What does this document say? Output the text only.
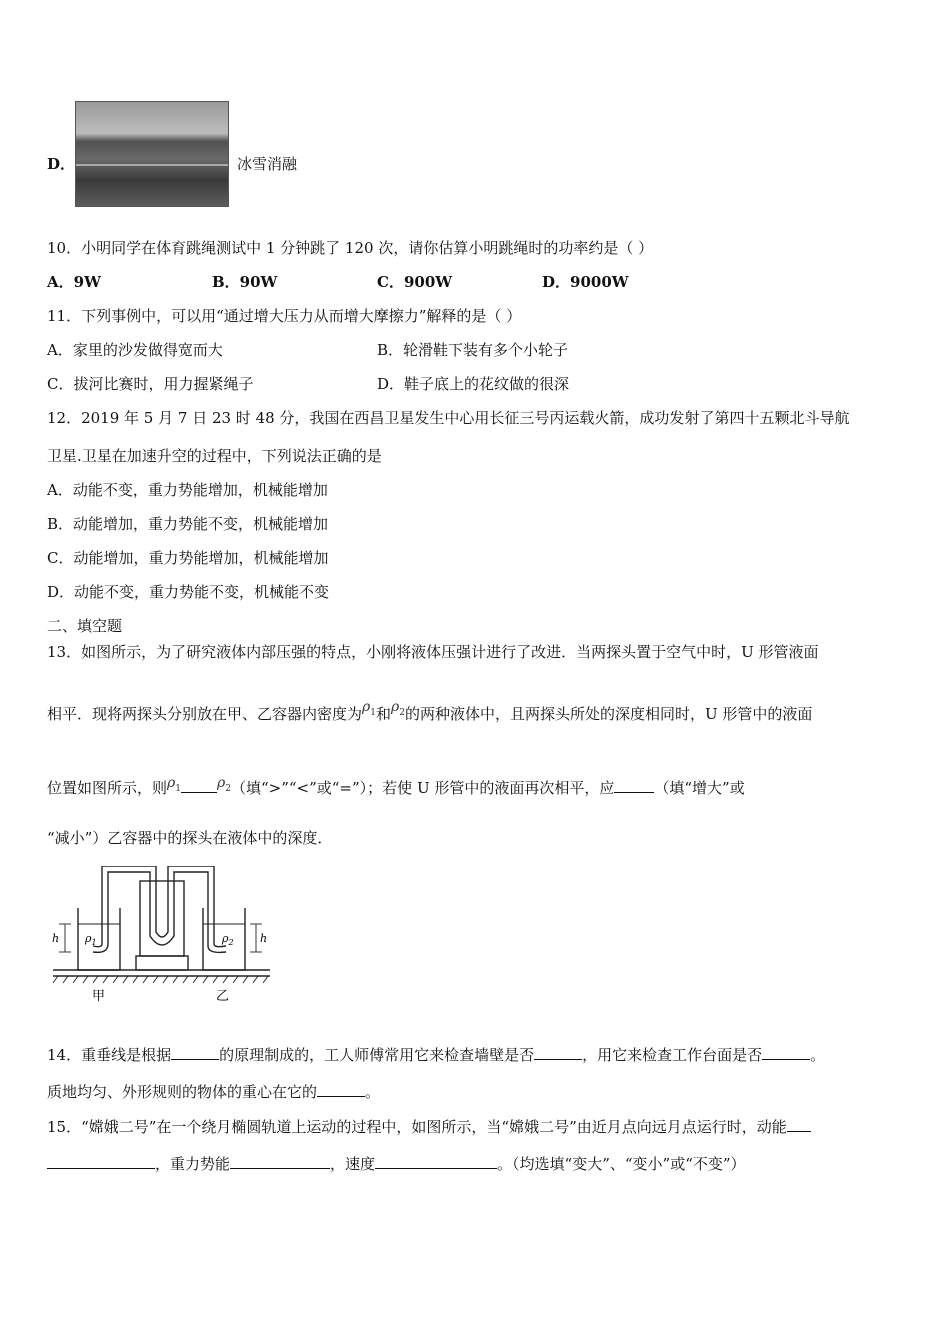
D．	冰雪消融
10．小明同学在体育跳绳测试中 1 分钟跳了 120 次，请你估算小明跳绳时的功率约是（ ）
A．9W	B．90W	C．900W	D．9000W
11．下列事例中，可以用“通过增大压力从而增大摩擦力”解释的是（ ）
A．家里的沙发做得宽而大	B．轮滑鞋下装有多个小轮子
C．拔河比赛时，用力握紧绳子	D．鞋子底上的花纹做的很深
12．2019 年 5 月 7 日 23 时 48 分，我国在西昌卫星发生中心用长征三号丙运载火箭，成功发射了第四十五颗北斗导航
卫星.卫星在加速升空的过程中，下列说法正确的是
A．动能不变，重力势能增加，机械能增加
B．动能增加，重力势能不变，机械能增加
C．动能增加，重力势能增加，机械能增加
D．动能不变，重力势能不变，机械能不变
二、填空题
13．如图所示，为了研究液体内部压强的特点，小刚将液体压强计进行了改进．当两探头置于空气中时，U 形管液面
相平．现将两探头分别放在甲、乙容器内密度为$\rho_1$和$\rho_2$的两种液体中，且两探头所处的深度相同时，U 形管中的液面
位置如图所示，则$\rho_1$	$\rho_2$（填“>”“<”或“=”）；若使 U 形管中的液面再次相平，应	（填“增大”或
“减小”）乙容器中的探头在液体中的深度．
h	h
$\rho_1$	$\rho_2$
甲	乙
14．重垂线是根据	的原理制成的，工人师傅常用它来检查墙壁是否	，用它来检查工作台面是否	。
质地均匀、外形规则的物体的重心在它的	。
15．“嫦娥二号”在一个绕月椭圆轨道上运动的过程中，如图所示，当“嫦娥二号”由近月点向远月点运行时，动能
，重力势能	，速度	。（均选填“变大”、“变小”或“不变”）
